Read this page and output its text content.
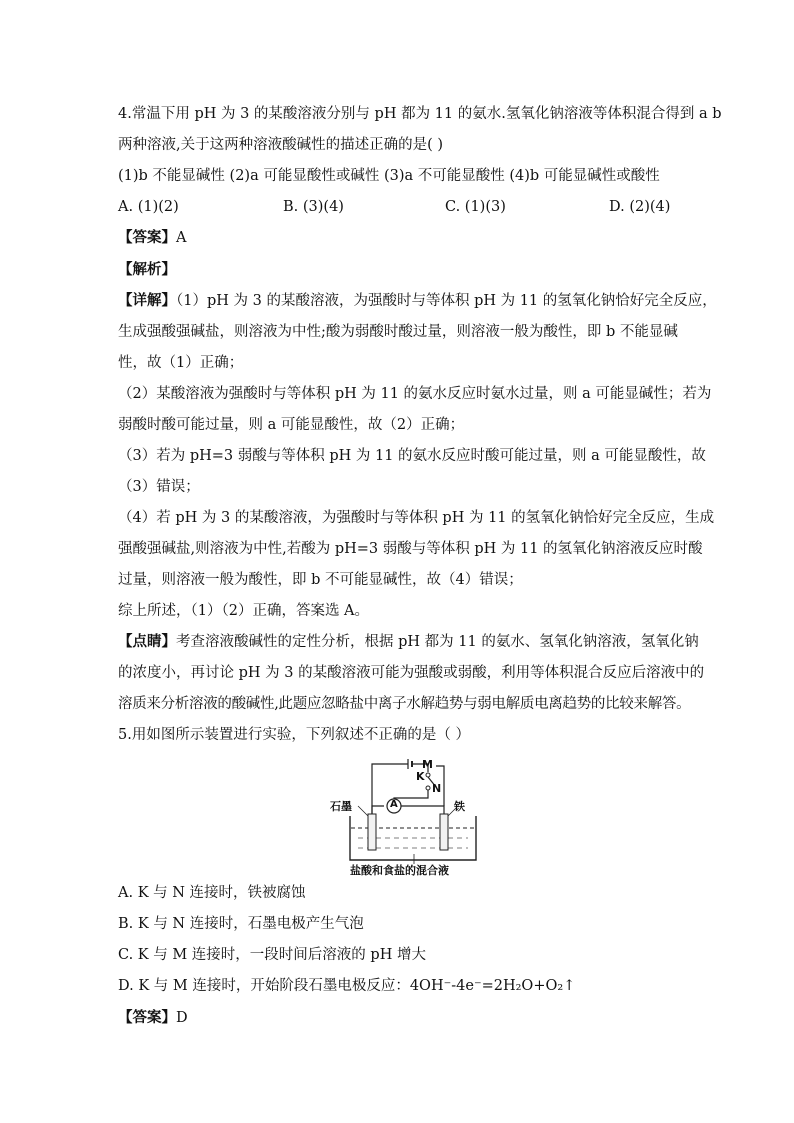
4.常温下用 pH 为 3 的某酸溶液分别与 pH 都为 11 的氨水.氢氧化钠溶液等体积混合得到 a b
两种溶液,关于这两种溶液酸碱性的描述正确的是( )
(1)b 不能显碱性 (2)a 可能显酸性或碱性 (3)a 不可能显酸性 (4)b 可能显碱性或酸性
A. (1)(2)	B. (3)(4)	C. (1)(3)	D. (2)(4)
【答案】A
【解析】
【详解】（1）pH 为 3 的某酸溶液，为强酸时与等体积 pH 为 11 的氢氧化钠恰好完全反应，
生成强酸强碱盐，则溶液为中性;酸为弱酸时酸过量，则溶液一般为酸性，即 b 不能显碱
性，故（1）正确；
（2）某酸溶液为强酸时与等体积 pH 为 11 的氨水反应时氨水过量，则 a 可能显碱性；若为
弱酸时酸可能过量，则 a 可能显酸性，故（2）正确；
（3）若为 pH=3 弱酸与等体积 pH 为 11 的氨水反应时酸可能过量，则 a 可能显酸性，故
（3）错误；
（4）若 pH 为 3 的某酸溶液，为强酸时与等体积 pH 为 11 的氢氧化钠恰好完全反应，生成
强酸强碱盐,则溶液为中性,若酸为 pH=3 弱酸与等体积 pH 为 11 的氢氧化钠溶液反应时酸
过量，则溶液一般为酸性，即 b 不可能显碱性，故（4）错误；
综上所述，（1）（2）正确，答案选 A。
【点睛】考查溶液酸碱性的定性分析，根据 pH 都为 11 的氨水、氢氧化钠溶液，氢氧化钠
的浓度小，再讨论 pH 为 3 的某酸溶液可能为强酸或弱酸，利用等体积混合反应后溶液中的
溶质来分析溶液的酸碱性,此题应忽略盐中离子水解趋势与弱电解质电离趋势的比较来解答。
5.用如图所示装置进行实验，下列叙述不正确的是（ ）
M
K
N
A
石墨	铁
盐酸和食盐的混合液
A. K 与 N 连接时，铁被腐蚀
B. K 与 N 连接时，石墨电极产生气泡
C. K 与 M 连接时，一段时间后溶液的 pH 增大
D. K 与 M 连接时，开始阶段石墨电极反应：4OH⁻-4e⁻=2H₂O+O₂↑
【答案】D
